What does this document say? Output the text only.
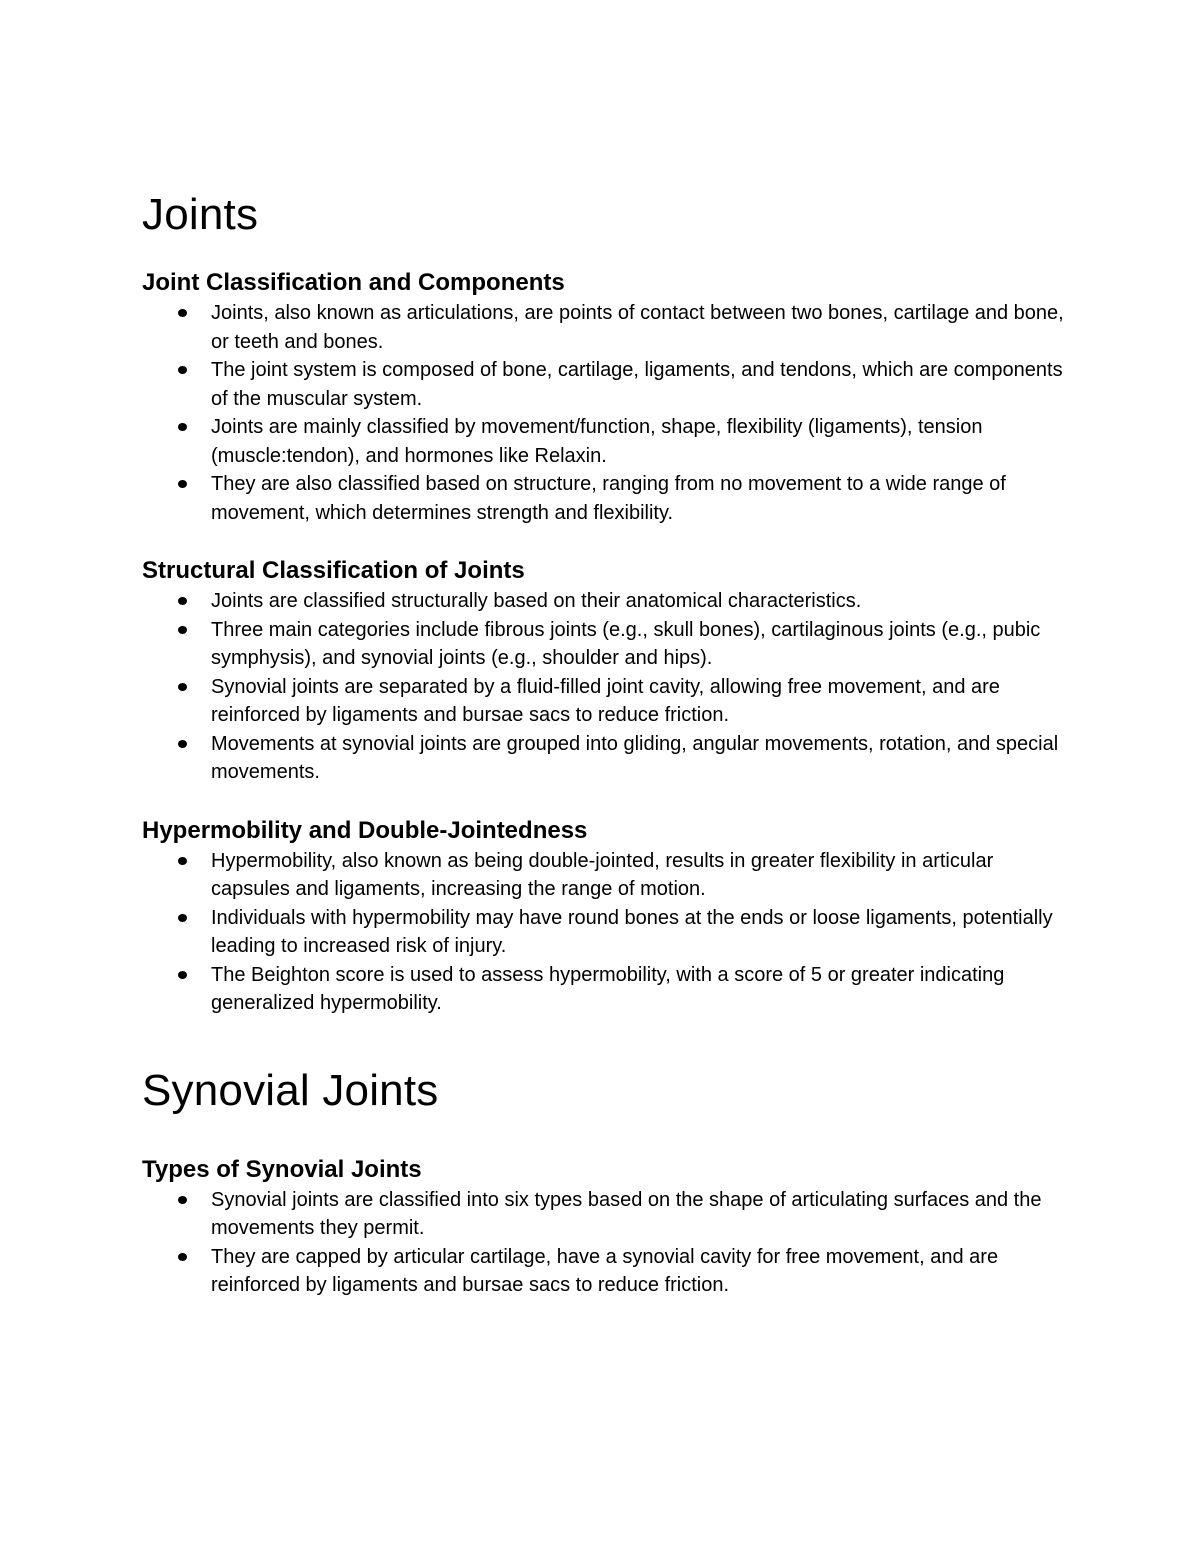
Joints
Joint Classification and Components
Joints, also known as articulations, are points of contact between two bones, cartilage and bone, or teeth and bones.
The joint system is composed of bone, cartilage, ligaments, and tendons, which are components of the muscular system.
Joints are mainly classified by movement/function, shape, flexibility (ligaments), tension (muscle:tendon), and hormones like Relaxin.
They are also classified based on structure, ranging from no movement to a wide range of movement, which determines strength and flexibility.
Structural Classification of Joints
Joints are classified structurally based on their anatomical characteristics.
Three main categories include fibrous joints (e.g., skull bones), cartilaginous joints (e.g., pubic symphysis), and synovial joints (e.g., shoulder and hips).
Synovial joints are separated by a fluid-filled joint cavity, allowing free movement, and are reinforced by ligaments and bursae sacs to reduce friction.
Movements at synovial joints are grouped into gliding, angular movements, rotation, and special movements.
Hypermobility and Double-Jointedness
Hypermobility, also known as being double-jointed, results in greater flexibility in articular capsules and ligaments, increasing the range of motion.
Individuals with hypermobility may have round bones at the ends or loose ligaments, potentially leading to increased risk of injury.
The Beighton score is used to assess hypermobility, with a score of 5 or greater indicating generalized hypermobility.
Synovial Joints
Types of Synovial Joints
Synovial joints are classified into six types based on the shape of articulating surfaces and the movements they permit.
They are capped by articular cartilage, have a synovial cavity for free movement, and are reinforced by ligaments and bursae sacs to reduce friction.
